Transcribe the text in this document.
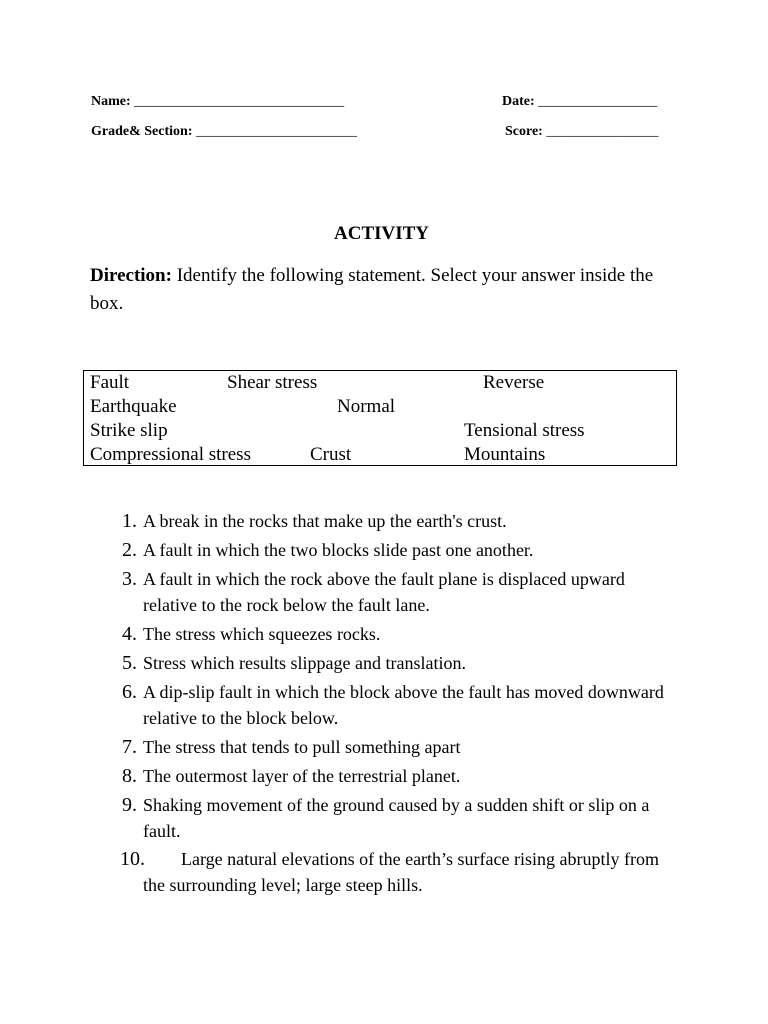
Name: ______________________________	Date: _________________
Grade& Section: _______________________	Score: ________________
ACTIVITY
Direction: Identify the following statement. Select your answer inside the box.
Fault	Shear stress	Reverse
Earthquake	Normal
Strike slip	Tensional stress
Compressional stress	Crust	Mountains
1. A break in the rocks that make up the earth's crust.
2. A fault in which the two blocks slide past one another.
3. A fault in which the rock above the fault plane is displaced upward relative to the rock below the fault lane.
4. The stress which squeezes rocks.
5. Stress which results slippage and translation.
6. A dip-slip fault in which the block above the fault has moved downward relative to the block below.
7. The stress that tends to pull something apart
8. The outermost layer of the terrestrial planet.
9. Shaking movement of the ground caused by a sudden shift or slip on a fault.
10.	Large natural elevations of the earth’s surface rising abruptly from the surrounding level; large steep hills.
